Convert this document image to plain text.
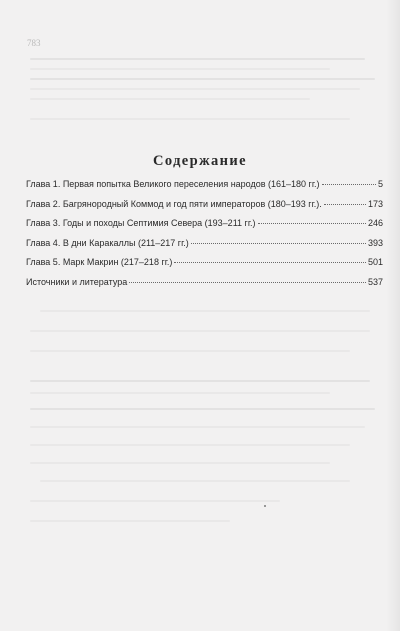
783
Содержание
Глава 1. Первая попытка Великого переселения народов (161–180 гг.)	5
Глава 2. Багрянородный Коммод и год пяти императоров (180–193 гг.).	173
Глава 3. Годы и походы Септимия Севера (193–211 гг.)	246
Глава 4. В дни Каракаллы (211–217 гг.)	393
Глава 5. Марк Макрин (217–218 гг.)	501
Источники и литература	537
